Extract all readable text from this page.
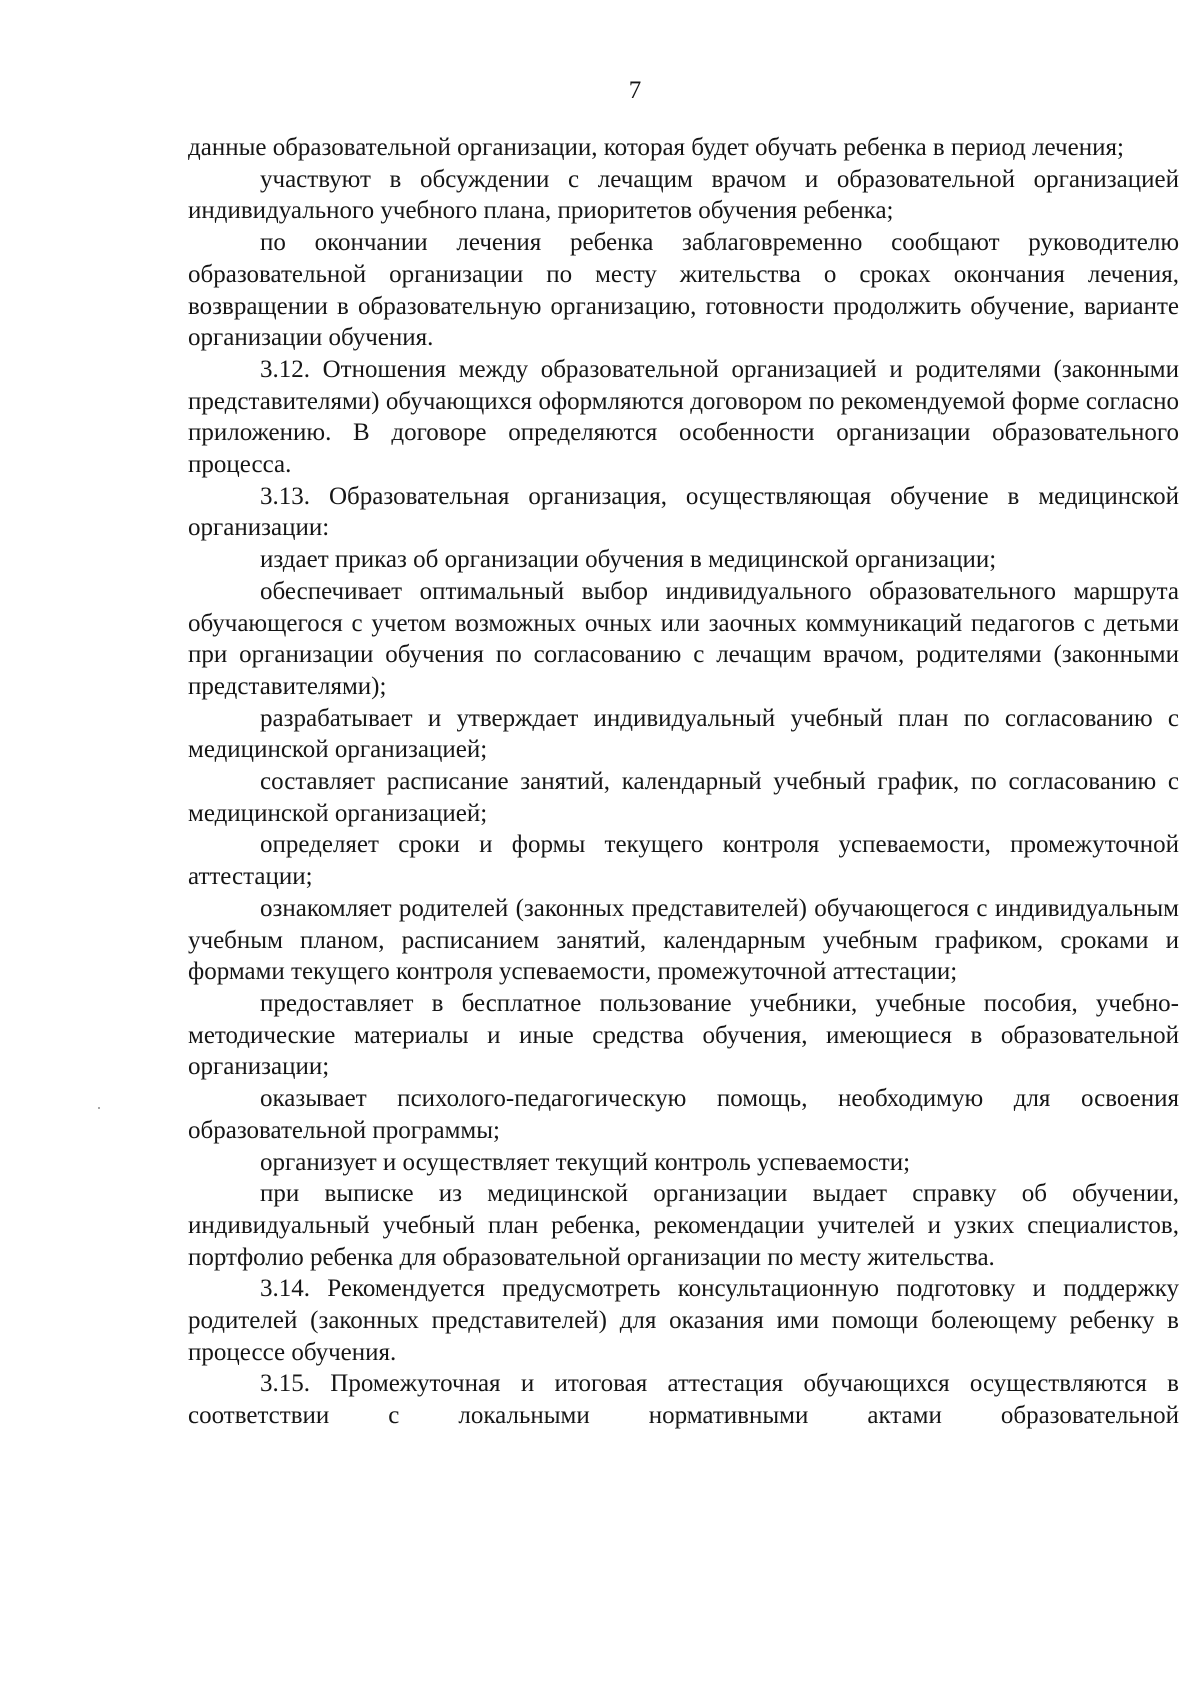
7

данные образовательной организации, которая будет обучать ребенка в период лечения;

участвуют в обсуждении с лечащим врачом и образовательной организацией индивидуального учебного плана, приоритетов обучения ребенка;

по окончании лечения ребенка заблаговременно сообщают руководителю образовательной организации по месту жительства о сроках окончания лечения, возвращении в образовательную организацию, готовности продолжить обучение, варианте организации обучения.

3.12. Отношения между образовательной организацией и родителями (законными представителями) обучающихся оформляются договором по рекомендуемой форме согласно приложению. В договоре определяются особенности организации образовательного процесса.

3.13. Образовательная организация, осуществляющая обучение в медицинской организации:

издает приказ об организации обучения в медицинской организации;

обеспечивает оптимальный выбор индивидуального образовательного маршрута обучающегося с учетом возможных очных или заочных коммуникаций педагогов с детьми при организации обучения по согласованию с лечащим врачом, родителями (законными представителями);

разрабатывает и утверждает индивидуальный учебный план по согласованию с медицинской организацией;

составляет расписание занятий, календарный учебный график, по согласованию с медицинской организацией;

определяет сроки и формы текущего контроля успеваемости, промежуточной аттестации;

ознакомляет родителей (законных представителей) обучающегося с индивидуальным учебным планом, расписанием занятий, календарным учебным графиком, сроками и формами текущего контроля успеваемости, промежуточной аттестации;

предоставляет в бесплатное пользование учебники, учебные пособия, учебно-методические материалы и иные средства обучения, имеющиеся в образовательной организации;

оказывает психолого-педагогическую помощь, необходимую для освоения образовательной программы;

организует и осуществляет текущий контроль успеваемости;

при выписке из медицинской организации выдает справку об обучении, индивидуальный учебный план ребенка, рекомендации учителей и узких специалистов, портфолио ребенка для образовательной организации по месту жительства.

3.14. Рекомендуется предусмотреть консультационную подготовку и поддержку родителей (законных представителей) для оказания ими помощи болеющему ребенку в процессе обучения.

3.15. Промежуточная и итоговая аттестация обучающихся осуществляются в соответствии с локальными нормативными актами образовательной
